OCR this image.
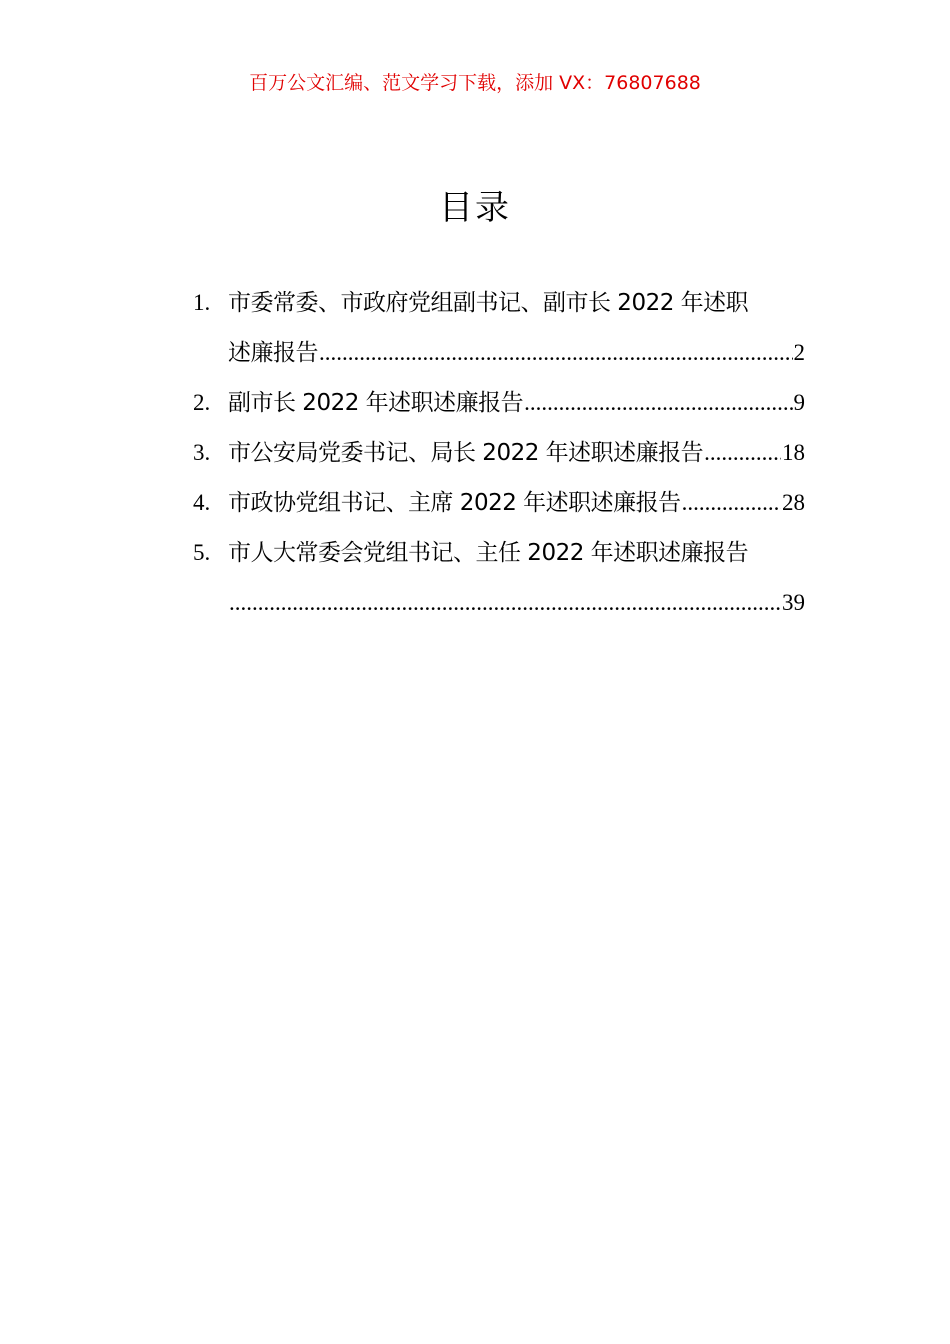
百万公文汇编、范文学习下载，添加 VX：76807688
目录
1. 市委常委、市政府党组副书记、副市长 2022 年述职
述廉报告 .....	2
2. 副市长 2022 年述职述廉报告 .....	9
3. 市公安局党委书记、局长 2022 年述职述廉报告 .....	18
4. 市政协党组书记、主席 2022 年述职述廉报告 .....	28
5. 市人大常委会党组书记、主任 2022 年述职述廉报告
.....
39
